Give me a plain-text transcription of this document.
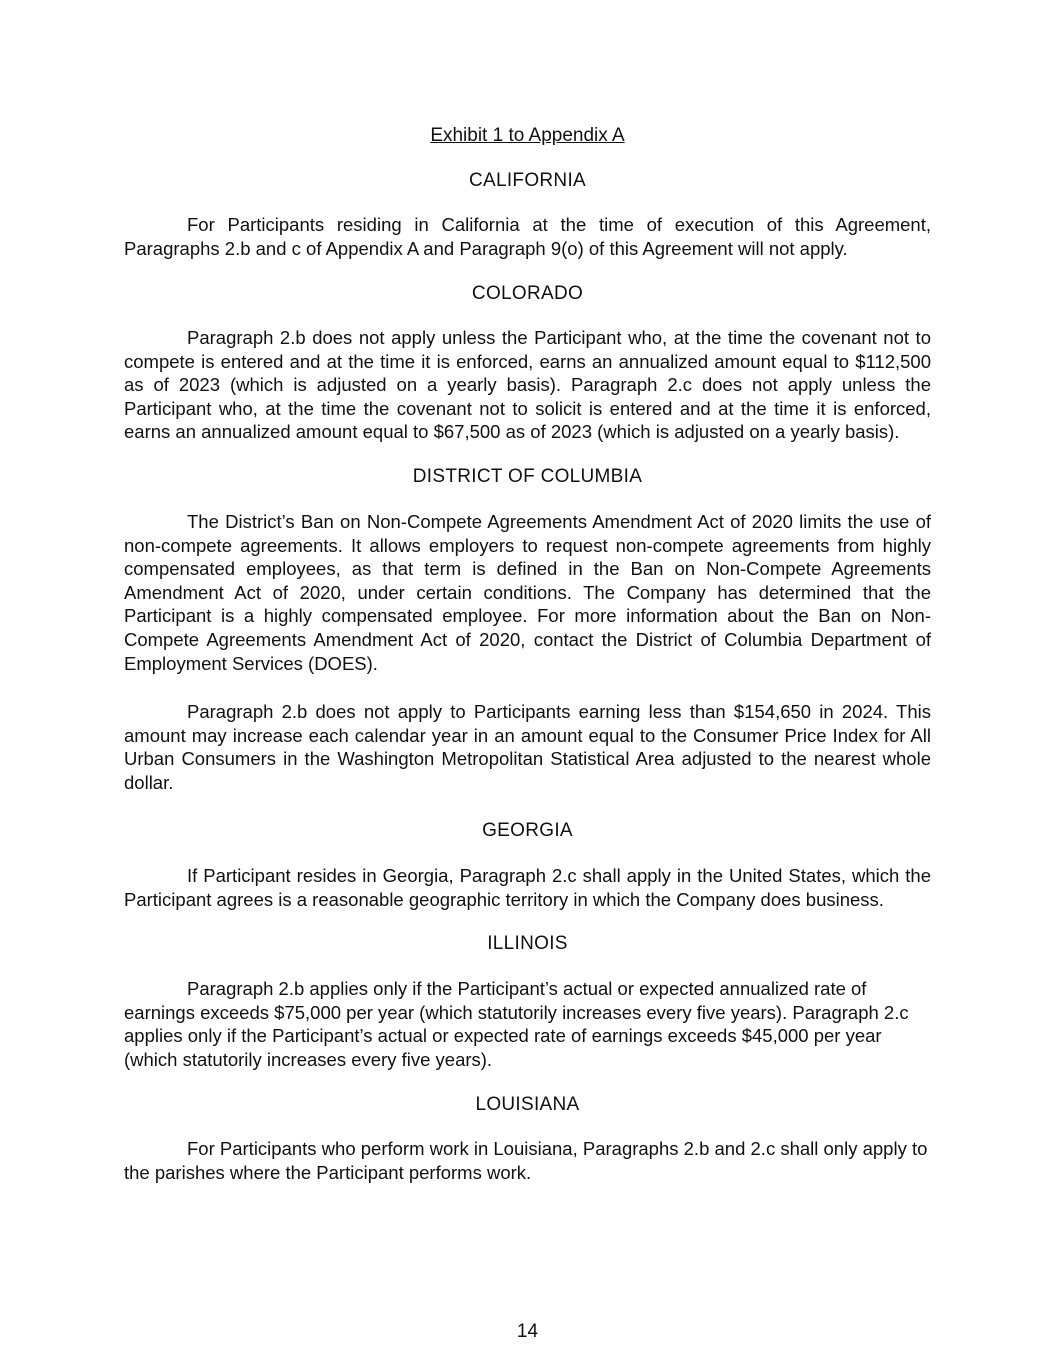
Exhibit 1 to Appendix A
CALIFORNIA

For Participants residing in California at the time of execution of this Agreement, Paragraphs 2.b and c of Appendix A and Paragraph 9(o) of this Agreement will not apply.

COLORADO

Paragraph 2.b does not apply unless the Participant who, at the time the covenant not to compete is entered and at the time it is enforced, earns an annualized amount equal to $112,500 as of 2023 (which is adjusted on a yearly basis). Paragraph 2.c does not apply unless the Participant who, at the time the covenant not to solicit is entered and at the time it is enforced, earns an annualized amount equal to $67,500 as of 2023 (which is adjusted on a yearly basis).

DISTRICT OF COLUMBIA

The District’s Ban on Non-Compete Agreements Amendment Act of 2020 limits the use of non-compete agreements. It allows employers to request non-compete agreements from highly compensated employees, as that term is defined in the Ban on Non-Compete Agreements Amendment Act of 2020, under certain conditions. The Company has determined that the Participant is a highly compensated employee. For more information about the Ban on Non-Compete Agreements Amendment Act of 2020, contact the District of Columbia Department of Employment Services (DOES).

Paragraph 2.b does not apply to Participants earning less than $154,650 in 2024. This amount may increase each calendar year in an amount equal to the Consumer Price Index for All Urban Consumers in the Washington Metropolitan Statistical Area adjusted to the nearest whole dollar.

GEORGIA

If Participant resides in Georgia, Paragraph 2.c shall apply in the United States, which the Participant agrees is a reasonable geographic territory in which the Company does business.

ILLINOIS

Paragraph 2.b applies only if the Participant’s actual or expected annualized rate of earnings exceeds $75,000 per year (which statutorily increases every five years). Paragraph 2.c applies only if the Participant’s actual or expected rate of earnings exceeds $45,000 per year (which statutorily increases every five years).

LOUISIANA

For Participants who perform work in Louisiana, Paragraphs 2.b and 2.c shall only apply to the parishes where the Participant performs work.

14
